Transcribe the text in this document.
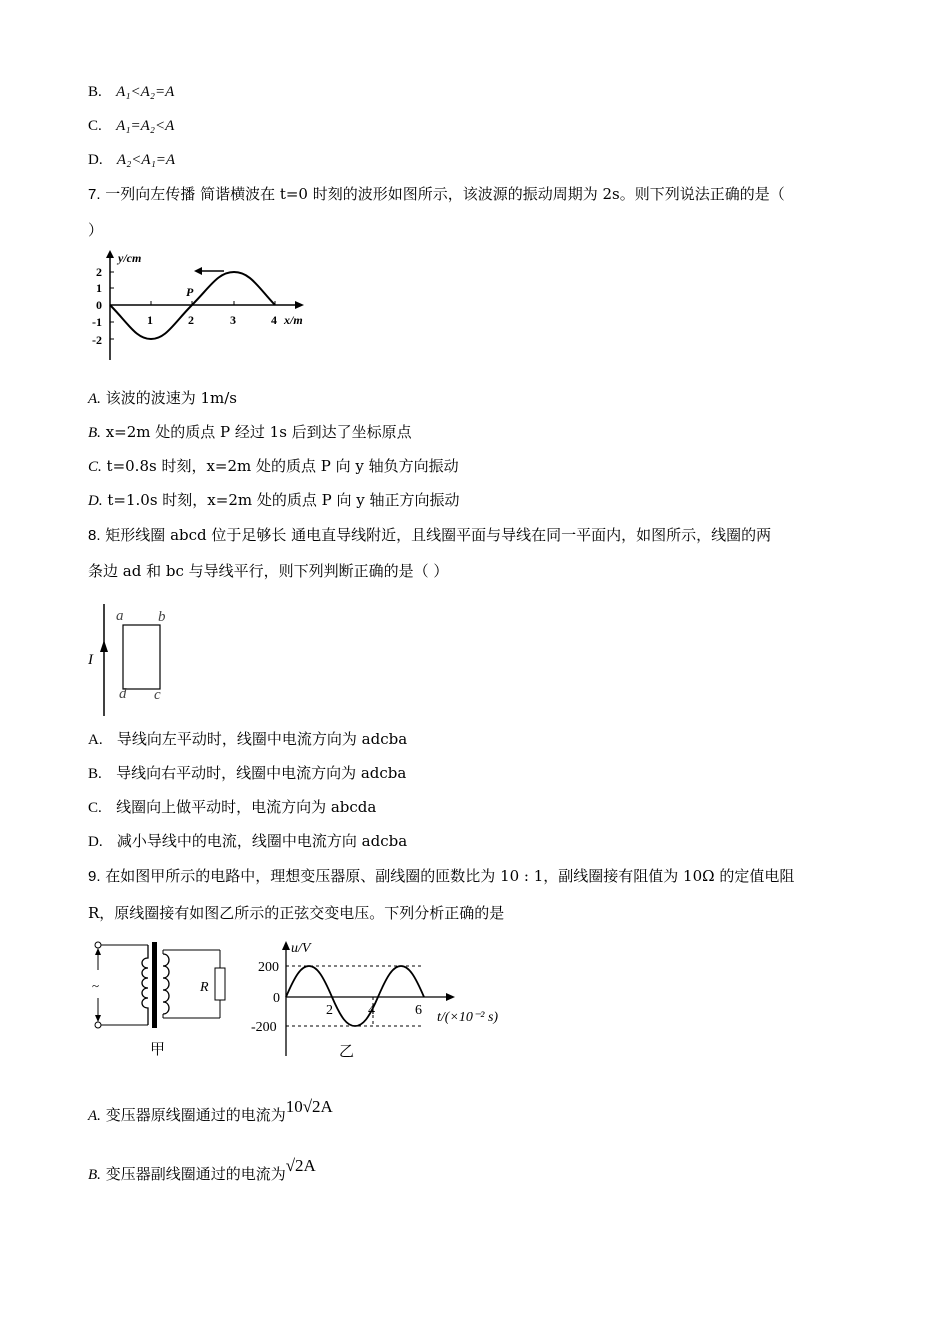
B. A₁<A₂=A
C. A₁=A₂<A
D. A₂<A₁=A
7. 一列向左传播 简谐横波在 t=0 时刻的波形如图所示，该波源的振动周期为 2s。则下列说法正确的是（
）
y/cm
x/m
P
2
1
0
-1
-2
1	2	3	4
A. 该波的波速为 1m/s
B. x=2m 处的质点 P 经过 1s 后到达了坐标原点
C. t=0.8s 时刻，x=2m 处的质点 P 向 y 轴负方向振动
D. t=1.0s 时刻，x=2m 处的质点 P 向 y 轴正方向振动
8. 矩形线圈 abcd 位于足够长 通电直导线附近，且线圈平面与导线在同一平面内，如图所示，线圈的两
条边 ad 和 bc 与导线平行，则下列判断正确的是（ ）
I
a b
c
d
A. 导线向左平动时，线圈中电流方向为 adcba
B. 导线向右平动时，线圈中电流方向为 adcba
C. 线圈向上做平动时，电流方向为 abcda
D. 减小导线中的电流，线圈中电流方向 adcba
9. 在如图甲所示的电路中，理想变压器原、副线圈的匝数比为 10 : 1，副线圈接有阻值为 10Ω 的定值电阻
R，原线圈接有如图乙所示的正弦交变电压。下列分析正确的是
~	R
甲
u/V
200
0
-200
2	4	6 t/(×10⁻² s)
乙
A. 变压器原线圈通过的电流为10√2A
B. 变压器副线圈通过的电流为√2A
